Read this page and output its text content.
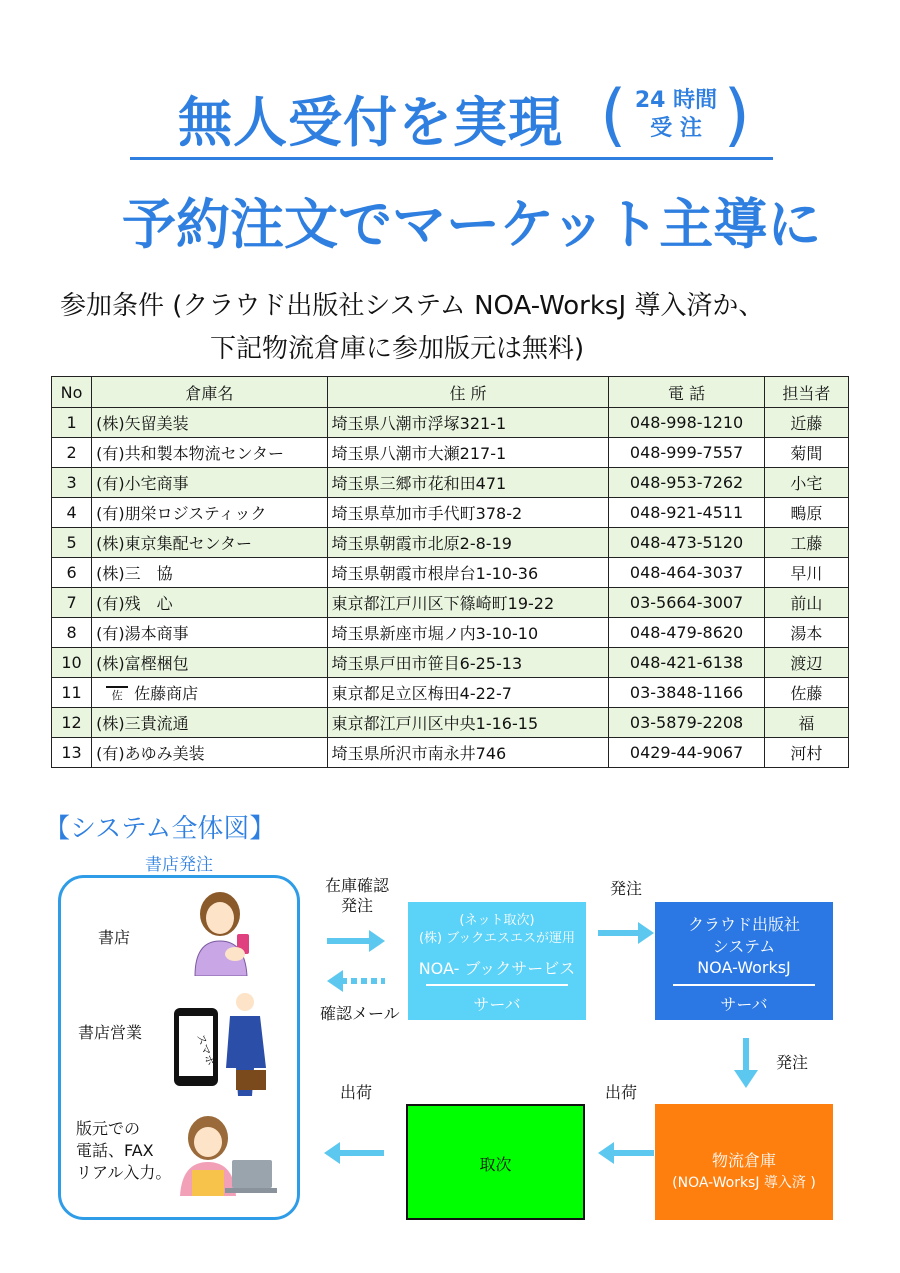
無人受付を実現 ( 24 時間
受 注 )
予約注文でマーケット主導に
参加条件 (クラウド出版社システム NOA-WorksJ 導入済か、
下記物流倉庫に参加版元は無料)
No	倉庫名	住 所	電 話	担当者
1	(株)矢留美装	埼玉県八潮市浮塚321-1	048-998-1210	近藤
2	(有)共和製本物流センター	埼玉県八潮市大瀬217-1	048-999-7557	菊間
3	(有)小宅商事	埼玉県三郷市花和田471	048-953-7262	小宅
4	(有)朋栄ロジスティック	埼玉県草加市手代町378-2	048-921-4511	鴫原
5	(株)東京集配センター	埼玉県朝霞市北原2-8-19	048-473-5120	工藤
6	(株)三　協	埼玉県朝霞市根岸台1-10-36	048-464-3037	早川
7	(有)残　心	東京都江戸川区下篠崎町19-22	03-5664-3007	前山
8	(有)湯本商事	埼玉県新座市堀ノ内3-10-10	048-479-8620	湯本
10	(株)富樫梱包	埼玉県戸田市笹目6-25-13	048-421-6138	渡辺
11	佐 佐藤商店	東京都足立区梅田4-22-7	03-3848-1166	佐藤
12	(株)三貴流通	東京都江戸川区中央1-16-15	03-5879-2208	福
13	(有)あゆみ美装	埼玉県所沢市南永井746	0429-44-9067	河村
【システム全体図】
書店発注
書店
書店営業
版元での
電話、FAX
リアル入力。
スマホ
在庫確認
発注
確認メール
(ネット取次)
(株) ブックエスエスが運用
NOA- ブックサービス
サーバ
発注
クラウド出版社
システム
NOA-WorksJ
サーバ
発注
出荷	出荷
取次	物流倉庫
(NOA-WorksJ 導入済 )
